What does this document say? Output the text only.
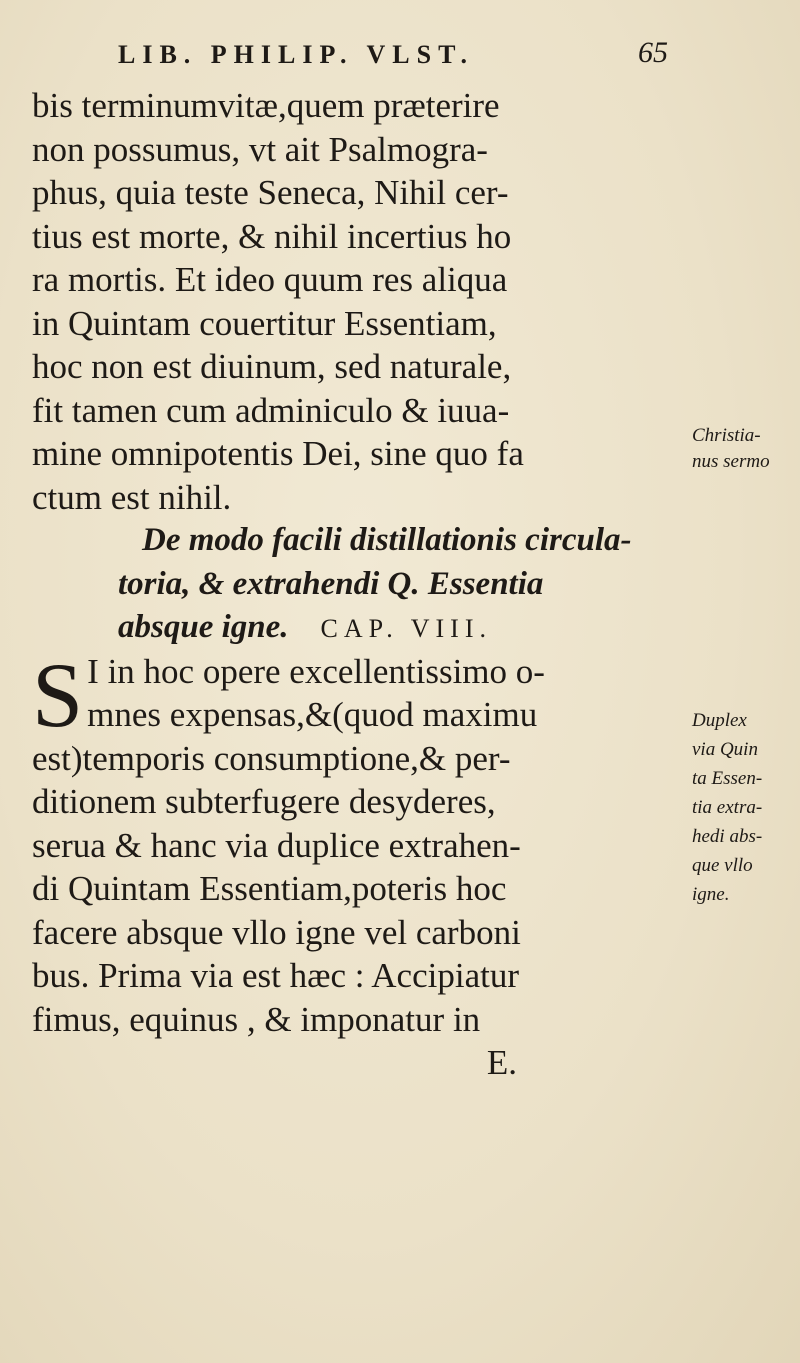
LIB. PHILIP. VLST.	65
bis terminumvitæ,quem præterire
non possumus, vt ait Psalmogra-
phus, quia teste Seneca, Nihil cer-
tius est morte, & nihil incertius ho
ra mortis. Et ideo quum res aliqua
in Quintam couertitur Essentiam,
hoc non est diuinum, sed naturale,
fit tamen cum adminiculo & iuua-
mine omnipotentis Dei, sine quo fa
ctum est nihil.
De modo facili distillationis circula-
toria, & extrahendi Q. Essentia
absque igne. CAP. VIII.
S I in hoc opere excellentissimo o-
mnes expensas,&(quod maximu
est)temporis consumptione,& per-
ditionem subterfugere desyderes,
serua & hanc via duplice extrahen-
di Quintam Essentiam,poteris hoc
facere absque vllo igne vel carboni
bus. Prima via est hæc : Accipiatur
fimus, equinus , & imponatur in
E.
Christia-
nus sermo
Duplex
via Quin
ta Essen-
tia extra-
hedi abs-
que vllo
igne.
